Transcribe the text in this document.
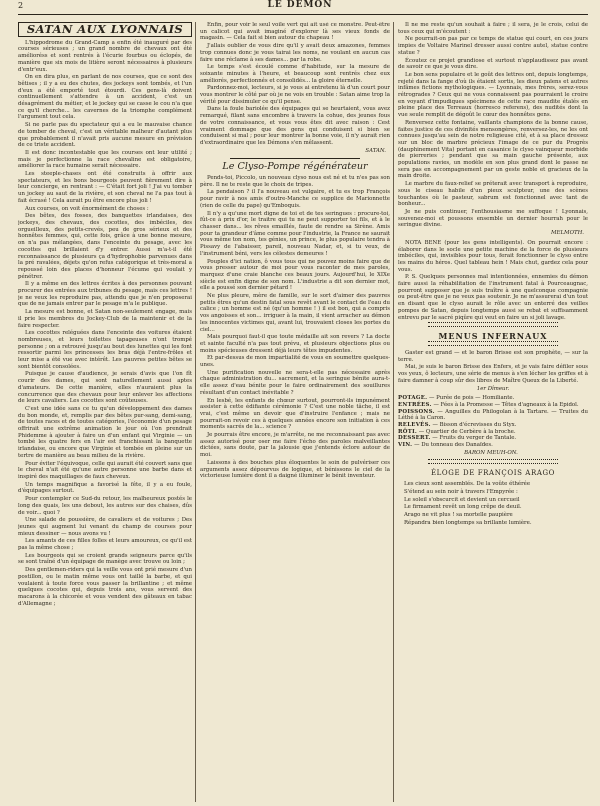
2	LE DÉMON
SATAN AUX LYONNAIS

L'hippodrome du Grand-Camp a enfin été inauguré par des courses sérieuses ; un grand nombre de chevaux ont été amélioréss et sont rentrés à l'écurie fourbus ou éclopés, de manière que six mois de litière seront nécessaires à plusieurs d'entr'eux.

On en dira plus, en parlant de nos courses, que ce sont des bêtises ; il y a eu des chutes, des jockeys sont tombés, et l'un d'eux a été emporté tout étourdi. Ces gens-là doivent continuellement s'attendre à un accident, c'est un désagrément du métier, et le jockey qui se casse le cou n'a que ce qu'il cherche... les cavernes de la triomphe complément l'argument tout cela.

Si ne parle pas du spectateur qui a eu le mauvaise chance de tomber de cheval, c'est un véritable malheur d'autant plus que probablement il n'avait pris aucune mesure en prévision de ce triste accident.

Il est donc incontestable que les courses ont leur utilité ; mais je perfectionne la race chevaline est obligatoire, améliorer la race humaine serait nécessaire.

Les steeple-chases ont été construits à offrir aux spectateurs, et les bons bourgeois peuvent fièrement dire à leur concierge, en rentrant : — C'était fort joli ! J'ai vu tomber un jockey au saut de la rivière, et son cheval ne l'a pas tout à fait écrasé ! Cela aurait pu être encore plus joli !

Aux courses, on voit énormément de choses :

Des bêtes, des fosses, des banquettes irlandaises, des jockeys, des chevaux, des cocottes, des imbéciles, des orgueilleux, des petits-crevés, peu de gros sérieux et des honnêtes femmes, qui, cette fois, grâce à une bonne mesure, on n'a pas mélangées, dans l'enceinte du pesage, avec les cocottes qui brillaient d'y entrer. Aussi m'a-t-il été reconnaissance de plusieurs ça d'hydrophobie parvenues dans la pré ravalées, déjets qu'on refus catégorique et très-moral a repoussé loin des places d'honneur l'écume qui voulait y pénétrer.

Il y a même en des lettres écrites à des personnes pouvant procurer des entrées aux tribunes du pesage, mais ces lettres ! je ne veux les reproduire pas, attendu que je n'en proposerai que de ne jamais entrer par le pesage m'a le publique.

La mesure est bonne, et Satan non-seulement engage, mais il prie les membres du Jockey-Club de la maintenir et de la faire respecter.

Les cocottes reléguées dans l'enceinte des voitures étaient nombreuses, et leurs toilettes tapageuses n'ont trompé personne ; on a retrouvé jusqu'au bout des lunettes qui les font ressortir parmi les princesses les bras déjà l'entre-frôles et leur mise a été vue avec intérêt. Les pauvres petites bêtes se sont bientôt consolées.

Puisque je cause d'audience, je serais d'avis que l'on fît courir des dames, qui sont naturellement aussi aptes d'amateurs. De cette manière, elles n'auraient plus la concurrence que des chevaux pour leur enlever les affections de leurs cavaliers. Les cocottes sont coûteuses.

C'est une idée sans ce tu qu'un développement des dames du bon monde, et, remplis par des bêtes pur-sang, demi-sang, de toutes races et de toutes catégories, l'économie d'un pesage offrirait une extrême animation le jour où l'on prendrait Phidemme à ajouter à faire un d'un enfant qui Virginie — un tombé les quatre fers en l'air est franchissant la banquette irlandaise, ou encore que Virginie et tombée en pleine sur un tertre de manière au beau milieu de la rivière.

Pour éviter l'équivoque, celle qui aurait été couvert sans que le cheval n'ait été qu'une autre personne une barbe dans et inspiré des maquillages de faux cheveux.

Un temps magnifique a favorisé la fête, il y a eu foule, d'équipages surtout.

Pour contempler ce Sud-du retour, les malheureux postés le long des quais, les uns debout, les autres sur des chaises, dûs de voir... quoi ?

Une salade de poussière, de cavaliers et de voitures ; Des jeunes qui augment lui venant du champ de courses pour mieux dessiner — nous avons vu !

Les amants de ces filles folles et leurs amoureux, ce qu'il est pas la même chose ;

Les bourgeois qui se croient grands seigneurs parce qu'ils se sont traîné d'un équipage de manège avec trouve ou loin ;

Des gentlemen-riders qui la veille vous ont prié mesure d'un postillon, ou le matin même vous ont taillé la barbe, et qui voulaient à toute force vous passer la brillantine ; et même quelques cocotes qui, depuis trois ans, vous servent des macarons à la chicorée et vous vendent des gâteaux en tabac d'Allemagne ;

Enfin, pour voir le seul voile vert qui ait usé ce monstre. Peut-être un calicot qui avait imaginé d'explorer là ses vieux fonds de magasin. — Cela fait si bien autour du chapeau !

J'allais oublier de vous dire qu'il y avait deux amazones, femmes trop connues donc je vous tairai les noms, ne voulant en aucun cas faire une réclame à ses dames... par la robe.

Le temps s'est écoulé comme d'habitude, sur la mesure de soixante minutes à l'heure, et beaucoup sont rentrés chez eux améliorés, perfectionnés et consolidés... la gloire éternelle.

Pardonnez-moi, lecteurs, si je vous ai entretenu là d'un court pour vous montrer le côté par où je ne vois en trouble : Satan aime trop la vérité pour dissimuler ce qu'il pense.

Dans la foule bariolée des équipages qui se heurtaient, vous avez remarqué, filant sans encombre à travers la cohue, des jeunes fous de votre connaissance, et vous vous êtes dit avec raison : Cest vraiment dommage que des gens qui conduisent si bien se conduisent si mal ; pour leur montrer la bonne voie, il n'y aurait rien d'extraordinaire que les Démons s'en mêlassent.

SATAN.
Le Clyso-Pompe régénérateur

Pends-toi, Piccolo, un nouveau clyso nous est né et tu n'es pas son père. Il ne te reste que le choix de tripes.

La pendaison ? il l'a nouveau est vulgaire, et tu es trop François pour ravir à nos amis d'outre-Manche ce supplice de Marionnette (rien de celle du pape) qu'Emboquis.

Il n'y a qu'une mort digne de toi et de tes seringues : procure-toi, fût-ce à prix d'or, le traitre qui tu ne peut supporter toi fils, et à le chasser dans... les rêves emaillés, faute de rendre sa Sirène. Amis pour ta grandeur d'âme comme pour l'industrie, la France ne saurait vous même ton nom, tes génies, un prince, le plus populaire tendra à Pissavy de l'abaisser, pareil, nouveau Nadar, et, si tu veux, de l'instrument béni, vers les célestes demeures !

Pouples d'ici nation, ô vous tous qui ne pouvez moins faire que de vous presser autour de moi pour vous raconter de mes paroles, marquez d'une craie blanche ces beaux jours. Aujourd'hui, le XIXe siècle est enfin digne de son nom. L'industrie a dit son dernier mot, elle a poussé son dernier pétard !

Ne plus pleure, mère de famille, sur le sort d'aimer des pauvres petits êtres qu'un destin fatal sous revêt avant le contact de l'eau du calice ; un homme est né (qu'un homme ! ) il est bon, qui a compris vos angoisses et son... irriguer à la main, il vient arracher au démon les innocentes victimes qui, avant lui, trouvaient closes les portes du ciel...

Mais pourquoi faut-il que toute médaille ait son revers ? La docte et sainte faculté n'a pas tout prévu, et plusieurs objections plus ou moins spécieuses dressent déjà leurs têtes impudentes.

Et par-dessus de mon impartialité de vous en soumettre quelques-unes.

Une purification nouvelle ne sera-t-elle pas nécessaire après chaque administration du... sacrement, et la seringue bénite aura-t-elle assez d'eau bénite pour le faire ordinairement des souillures résultant d'un contact inévitable ?

En lesbé, les enfants de chœur surtout, pourront-ils impunément assister à cette édifiante cérémonie ? C'est une noble tâche, il est vrai, c'est même un devoir que d'instruire l'enfance ; mais ne pourrait-on revoir ces à quelques années encore son initiation à ces moments sacrés de la... science ?

Je pourrais être encore, je m'arrête, ne me reconnaissant pas avec assez autorisé pour oser me faire l'écho des paroles malveillantes dictées, sans doute, par la jalousie que j'entends éclore autour de moi.

Laissons à des bouches plus éloquentes le soin de pulvériser ces arguments assez dépourvus de logique, et bénissons le ciel de la victorieuse lumière dont il a daigné illuminer le bénit inventeur.

Il ne me reste qu'un souhait à faire ; il sera, je le crois, celui de tous ceux qui m'écoutent :

Ne pourrait-on pas par ce temps de statue qui court, en ces jours impies de Voltaire Marinel dresser aussi contre autel, statue contre statue ?

Écoutez ce projet grandiose et surtout n'applaudissez pas avant de savoir ce que je vous dire.

Le bon sens populaire et le goût des lettres ont, depuis longtemps, rejeté dans la fange d'où ils étaient sortis, les dieux païens et autres infâmes fictions mythologiques. — Lyonnais, mes frères, serez-vous rétrogrades ? Ceux qui ne vous connaissent pas pourraient le croire en voyant d'impudiques spécimens de cette race maudite étalés en pleine place des Terreaux (horresco referens), des nudités dont la vue seule remplit de dégoût le cœur des honnêtes gens.

Renversez cette fontaine, vaillants champions de la bonne cause, faites justice de ces divinités mensongères, renversez-les, ne les ont connues jusqu'au sein de notre religieuse cité, et à sa place dressez sur un bloc de marbre précieux l'image de ce pur du Progrès (dauphinement Vita) portant en casanice le clyso vainqueur morbide de pierreries ; pendant que sa main gauche présente, aux populations ravies, un modèle en son plus grand dont le passe ne sera pas en accompagnement par un geste noble et gracieux de la main droite.

Le marbre du faux-relief se préterait avec transport à reproduire, sous le ciseau habile d'un pieux sculpteur, une des scènes touchantes où le pasteur, sabrum est fonctionnel avec tant de bonheur...

Je ne puis continuer, l'enthousiasme me suffoque ! Lyonnais, souvenez-moi et poussons ensemble un dernier hourrah pour le seringue divine.

MELMOTH.

NOTA BENE (pour les gens intelligents). On pourrait encore : élaborer dans le socle une petite machine de la force de plusieurs imbéciles, qui, invisibles pour tous, ferait fonctionner le clyso entre les mains du héros. Quel tableau hein ! Mais chut, gardez cela pour vous.

P. S. Quelques personnes mal intentionnées, ennemies du démon faire aussi la réhabilitation de l'instrument fatal à Pourceaugnac, pourront supposer que je suis traître à une quelconque compagnie ou peut-être que je ne veux pas soutenir. Je ne m'assurerai d'un tout en disant que le clyso aurait le rôle avec un enterré des veilles pompes de Satan, depuis longtemps aussi se rebat et suffisamment entrevu par le sacré piqûre qui veut en faire un si joli lavage.

MENUS INFERNAUX

Gaster est grand — et le baron Brisse est son prophète, — sur la terre.

Mai, je suis le baron Brisse des Enfers, et je vais faire défiler sous vos yeux, ô lecteurs, une série de menus à s'en lécher les griffes et à faire damner à coup sûr des libres de Maître Queux de la Liberté.

1er Dîmeur.

POTAGE. — Purée de pois — Homiliante.

ENTRÉES. — Fées à la Promesse — Têtes d'agneaux à la Epidol.

POISSONS. — Anguilles du Philogolan à la Tartare. — Truites du Léthé à la Caron.

RELEVÉS. — Bisson d'écrevisses du Styx.

RÔTI. — Quartier de Cerbère à la broche.

DESSERT. — Fruits du verger de Tantale.

VIN. — Du tonneau des Danaïdes.

BARON MEUH-ON.
ÉLOGE DE FRANÇOIS ARAGO

Les cieux sont assemblés. De la voûte éthérée

S'étend au sein noir à travers l'Empyrée :

Le soleil s'obscurcit et devient un cercueil

Le firmament revêt un long crêpe de deuil.

Arago ne vit plus ! sa mortelle paupière

Répandra bien longtemps sa brillante lumière.
